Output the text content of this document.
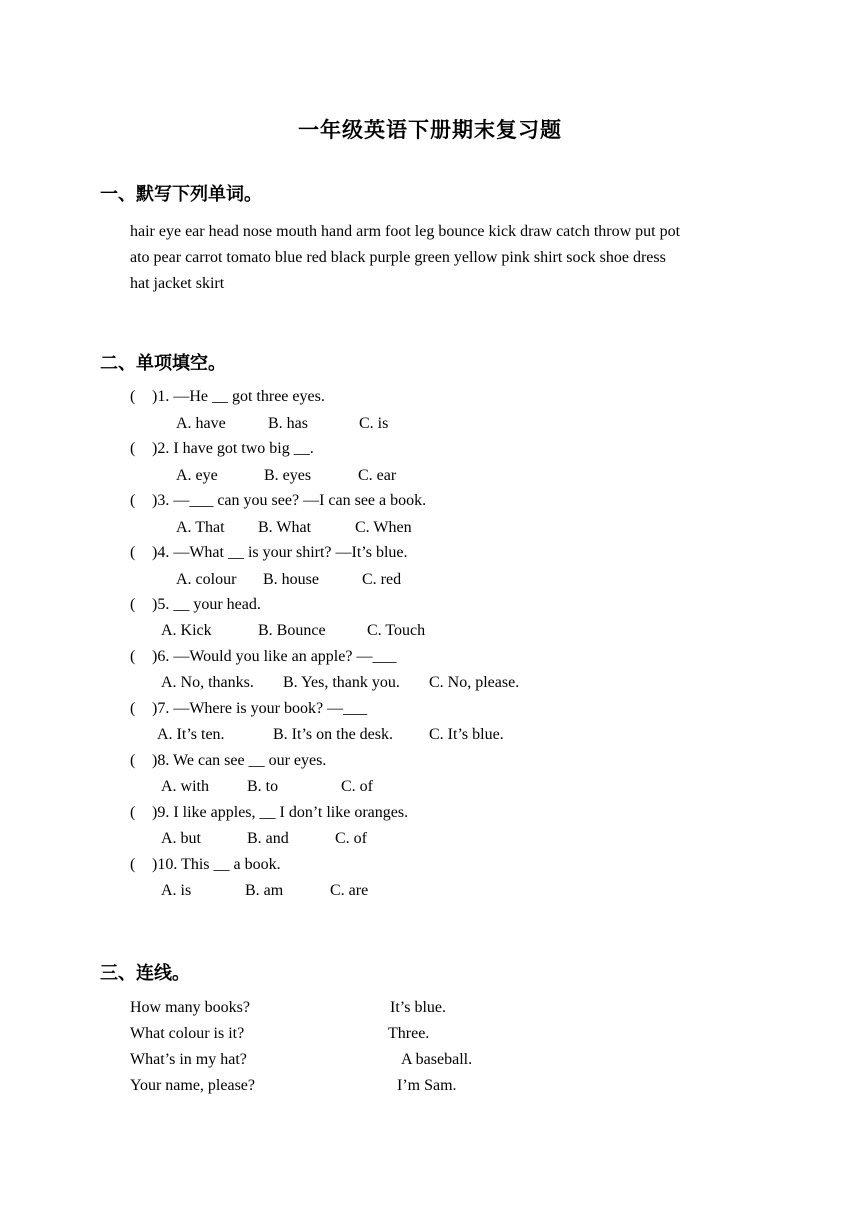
一年级英语下册期末复习题
一、默写下列单词。
hair eye ear head nose mouth hand arm foot leg bounce kick draw catch throw put pot
ato pear carrot tomato blue red black purple green yellow pink shirt sock shoe dress
hat jacket skirt
二、单项填空。
( )1. —He __ got three eyes.
A. have	B. has	C. is
( )2. I have got two big __.
A. eye	B. eyes	C. ear
( )3. —___ can you see? —I can see a book.
A. That B. What	C. When
( )4. —What __ is your shirt? —It’s blue.
A. colour B. house	C. red
( )5. __ your head.
A. Kick	B. Bounce	C. Touch
( )6. —Would you like an apple? —___
A. No, thanks. B. Yes, thank you. C. No, please.
( )7. —Where is your book? —___
A. It’s ten.	B. It’s on the desk. C. It’s blue.
( )8. We can see __ our eyes.
A. with B. to	C. of
( )9. I like apples, __ I don’t like oranges.
A. but	B. and	C. of
( )10. This __ a book.
A. is	B. am	C. are
三、连线。
How many books?	It’s blue.
What colour is it?	Three.
What’s in my hat?	A baseball.
Your name, please?	I’m Sam.
